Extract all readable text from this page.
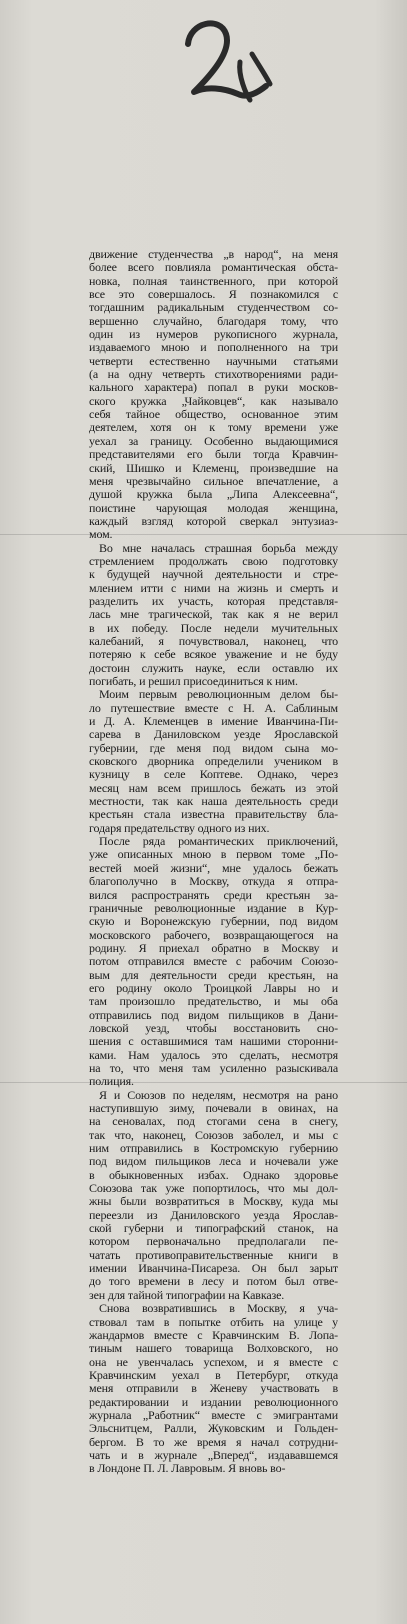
движение студенчества „в народ“, на меня
более всего повлияла романтическая обста-
новка, полная таинственного, при которой
все это совершалось. Я познакомился с
тогдашним радикальным студенчеством со-
вершенно случайно, благодаря тому, что
один из нумеров рукописного журнала,
издаваемого мною и пополненного на три
четверти естественно научными статьями
(а на одну четверть стихотворениями ради-
кального характера) попал в руки москов-
ского кружка „Чайковцев“, как называло
себя тайное общество, основанное этим
деятелем, хотя он к тому времени уже
уехал за границу. Особенно выдающимися
представителями его были тогда Кравчин-
ский, Шишко и Клеменц, произведшие на
меня чрезвычайно сильное впечатление, а
душой кружка была „Липа Алексеевна“,
поистине чарующая молодая женщина,
каждый взгляд которой сверкал энтузиаз-
мом.
Во мне началась страшная борьба между
стремлением продолжать свою подготовку
к будущей научной деятельности и стре-
млением итти с ними на жизнь и смерть и
разделить их участь, которая представля-
лась мне трагической, так как я не верил
в их победу. После недели мучительных
калебаний, я почувствовал, наконец, что
потеряю к себе всякое уважение и не буду
достоин служить науке, если оставлю их
погибать, и решил присоединиться к ним.
Моим первым революционным делом бы-
ло путешествие вместе с Н. А. Саблиным
и Д. А. Клеменцев в имение Иванчина-Пи-
сарева в Даниловском уезде Ярославской
губернии, где меня под видом сына мо-
сковского дворника определили учеником в
кузницу в селе Коптеве. Однако, через
месяц нам всем пришлось бежать из этой
местности, так как наша деятельность среди
крестьян стала известна правительству бла-
годаря предательству одного из них.
После ряда романтических приключений,
уже описанных мною в первом томе „По-
вестей моей жизни“, мне удалось бежать
благополучно в Москву, откуда я отпра-
вился распространять среди крестьян за-
граничные революционные издание в Кур-
скую и Воронежскую губернии, под видом
московского рабочего, возвращающегося на
родину. Я приехал обратно в Москву и
потом отправился вместе с рабочим Союзо-
вым для деятельности среди крестьян, на
его родину около Троицкой Лавры но и
там произошло предательство, и мы оба
отправились под видом пильщиков в Дани-
ловской уезд, чтобы восстановить сно-
шения с оставшимися там нашими сторонни-
ками. Нам удалось это сделать, несмотря
на то, что меня там усиленно разыскивала
полиция.
Я и Союзов по неделям, несмотря на рано
наступившую зиму, почевали в овинах, на
на сеновалах, под стогами сена в снегу,
так что, наконец, Союзов заболел, и мы с
ним отправились в Костромскую губернию
под видом пильщиков леса и ночевали уже
в обыкновенных избах. Однако здоровье
Союзова так уже попортилось, что мы дол-
жны были возвратиться в Москву, куда мы
переезли из Даниловского уезда Ярослав-
ской губерни и типографский станок, на
котором первоначально предполагали пе-
чатать противоправительственные книги в
имении Иванчина-Писареза. Он был зарыт
до того времени в лесу и потом был отве-
зен для тайной типографии на Кавказе.
Снова возвратившись в Москву, я уча-
ствовал там в попытке отбить на улице у
жандармов вместе с Кравчинским В. Лопа-
тиным нашего товарища Волховского, но
она не увенчалась успехом, и я вместе с
Кравчинским уехал в Петербург, откуда
меня отправили в Женеву участвовать в
редактировании и издании революционного
журнала „Работник“ вместе с эмигрантами
Эльснитцем, Ралли, Жуковским и Гольден-
бергом. В то же время я начал сотрудни-
чать и в журнале „Вперед“, издававшемся
в Лондоне П. Л. Лавровым. Я вновь во-
